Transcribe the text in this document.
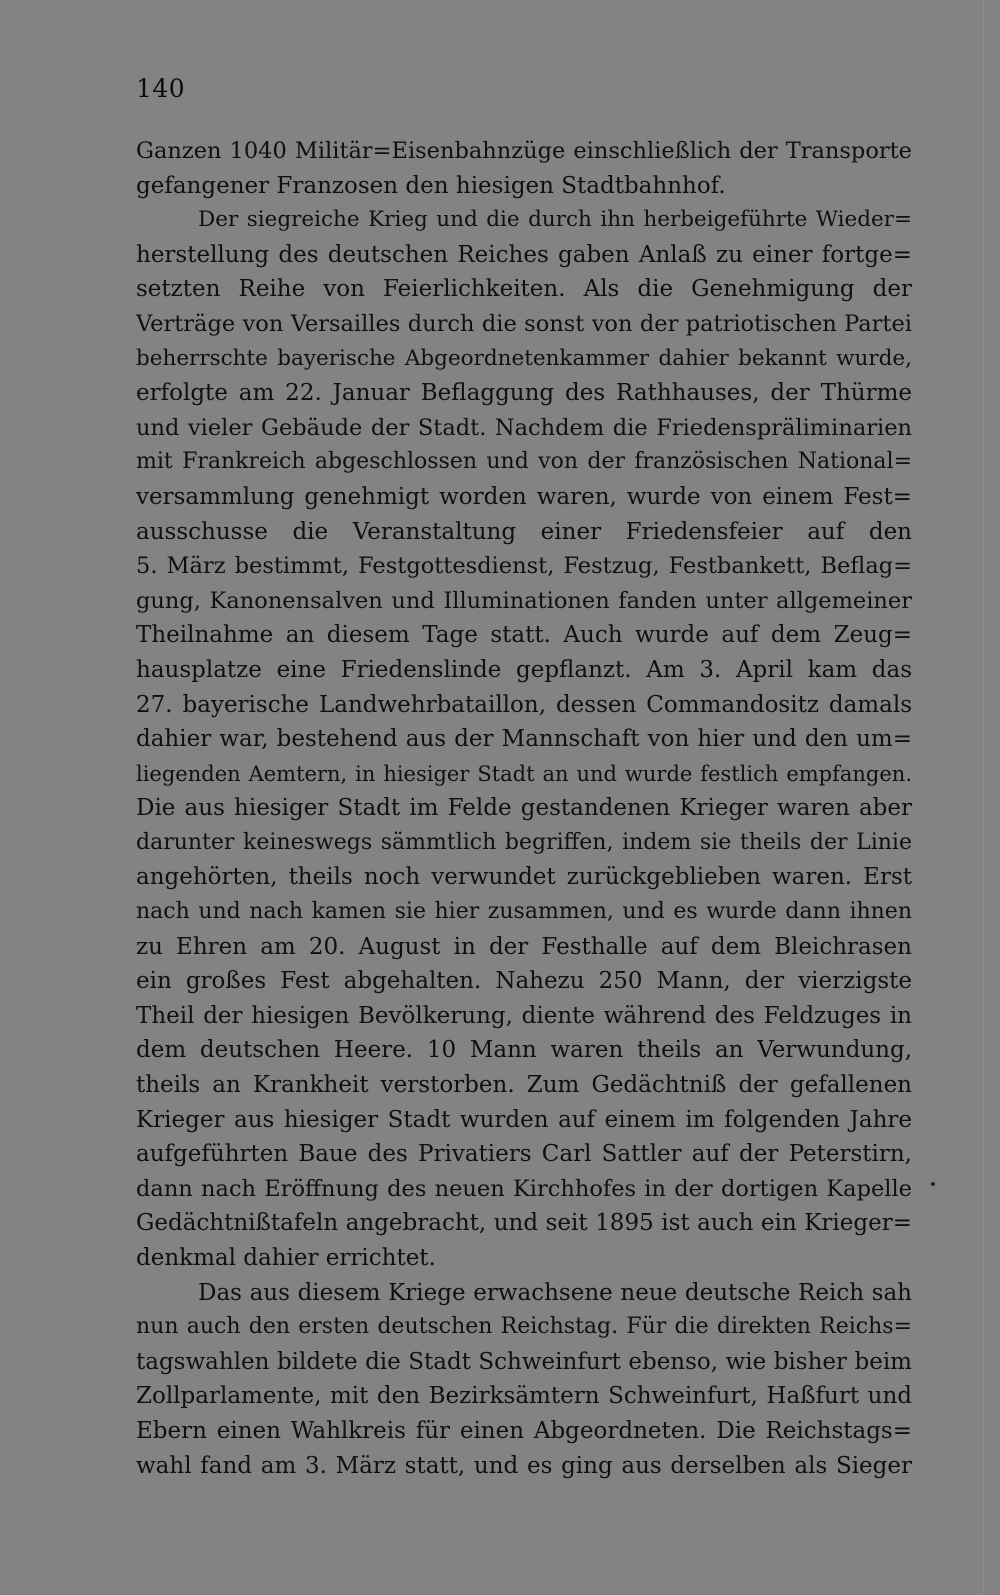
140
Ganzen 1040 Militär=Eisenbahnzüge einschließlich der Transporte
gefangener Franzosen den hiesigen Stadtbahnhof.
Der siegreiche Krieg und die durch ihn herbeigeführte Wieder=
herstellung des deutschen Reiches gaben Anlaß zu einer fortge=
setzten Reihe von Feierlichkeiten. Als die Genehmigung der
Verträge von Versailles durch die sonst von der patriotischen Partei
beherrschte bayerische Abgeordnetenkammer dahier bekannt wurde,
erfolgte am 22. Januar Beflaggung des Rathhauses, der Thürme
und vieler Gebäude der Stadt. Nachdem die Friedenspräliminarien
mit Frankreich abgeschlossen und von der französischen National=
versammlung genehmigt worden waren, wurde von einem Fest=
ausschusse die Veranstaltung einer Friedensfeier auf den
5. März bestimmt, Festgottesdienst, Festzug, Festbankett, Beflag=
gung, Kanonensalven und Illuminationen fanden unter allgemeiner
Theilnahme an diesem Tage statt. Auch wurde auf dem Zeug=
hausplatze eine Friedenslinde gepflanzt. Am 3. April kam das
27. bayerische Landwehrbataillon, dessen Commandositz damals
dahier war, bestehend aus der Mannschaft von hier und den um=
liegenden Aemtern, in hiesiger Stadt an und wurde festlich empfangen.
Die aus hiesiger Stadt im Felde gestandenen Krieger waren aber
darunter keineswegs sämmtlich begriffen, indem sie theils der Linie
angehörten, theils noch verwundet zurückgeblieben waren. Erst
nach und nach kamen sie hier zusammen, und es wurde dann ihnen
zu Ehren am 20. August in der Festhalle auf dem Bleichrasen
ein großes Fest abgehalten. Nahezu 250 Mann, der vierzigste
Theil der hiesigen Bevölkerung, diente während des Feldzuges in
dem deutschen Heere. 10 Mann waren theils an Verwundung,
theils an Krankheit verstorben. Zum Gedächtniß der gefallenen
Krieger aus hiesiger Stadt wurden auf einem im folgenden Jahre
aufgeführten Baue des Privatiers Carl Sattler auf der Peterstirn,
dann nach Eröffnung des neuen Kirchhofes in der dortigen Kapelle
Gedächtnißtafeln angebracht, und seit 1895 ist auch ein Krieger=
denkmal dahier errichtet.
Das aus diesem Kriege erwachsene neue deutsche Reich sah
nun auch den ersten deutschen Reichstag. Für die direkten Reichs=
tagswahlen bildete die Stadt Schweinfurt ebenso, wie bisher beim
Zollparlamente, mit den Bezirksämtern Schweinfurt, Haßfurt und
Ebern einen Wahlkreis für einen Abgeordneten. Die Reichstags=
wahl fand am 3. März statt, und es ging aus derselben als Sieger
